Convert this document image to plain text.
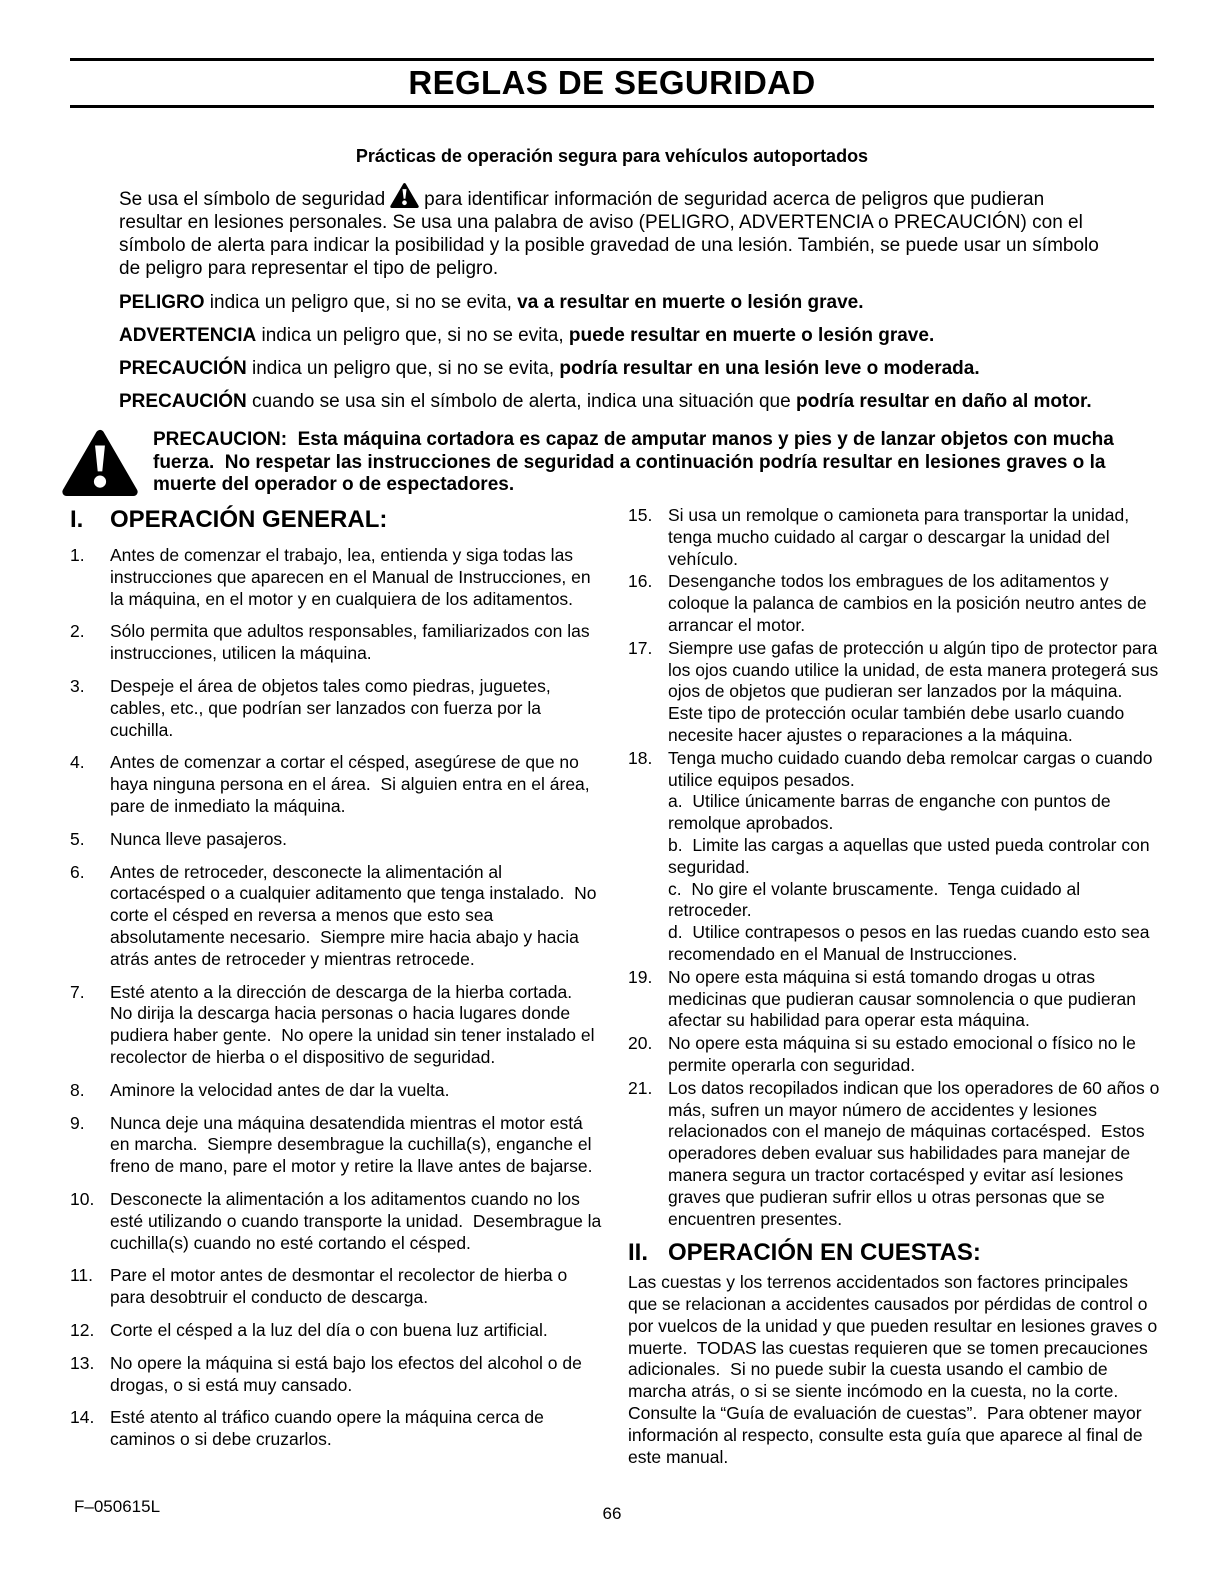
REGLAS DE SEGURIDAD

Prácticas de operación segura para vehículos autoportados

Se usa el símbolo de seguridad para identificar información de seguridad acerca de peligros que pudieran resultar en lesiones personales. Se usa una palabra de aviso (PELIGRO, ADVERTENCIA o PRECAUCIÓN) con el símbolo de alerta para indicar la posibilidad y la posible gravedad de una lesión. También, se puede usar un símbolo de peligro para representar el tipo de peligro.

PELIGRO indica un peligro que, si no se evita, va a resultar en muerte o lesión grave.

ADVERTENCIA indica un peligro que, si no se evita, puede resultar en muerte o lesión grave.

PRECAUCIÓN indica un peligro que, si no se evita, podría resultar en una lesión leve o moderada.

PRECAUCIÓN cuando se usa sin el símbolo de alerta, indica una situación que podría resultar en daño al motor.

PRECAUCION:  Esta máquina cortadora es capaz de amputar manos y pies y de lanzar objetos con mucha fuerza.  No respetar las instrucciones de seguridad a continuación podría resultar en lesiones graves o la muerte del operador o de espectadores.

I.	OPERACIÓN GENERAL:
1.	Antes de comenzar el trabajo, lea, entienda y siga todas las instrucciones que aparecen en el Manual de Instrucciones, en la máquina, en el motor y en cualquiera de los aditamentos.
2.	Sólo permita que adultos responsables, familiarizados con las instrucciones, utilicen la máquina.
3.	Despeje el área de objetos tales como piedras, juguetes, cables, etc., que podrían ser lanzados con fuerza por la cuchilla.
4.	Antes de comenzar a cortar el césped, asegúrese de que no haya ninguna persona en el área.  Si alguien entra en el área, pare de inmediato la máquina.
5.	Nunca lleve pasajeros.
6.	Antes de retroceder, desconecte la alimentación al cortacésped o a cualquier aditamento que tenga instalado.  No corte el césped en reversa a menos que esto sea absolutamente necesario.  Siempre mire hacia abajo y hacia atrás antes de retroceder y mientras retrocede.
7.	Esté atento a la dirección de descarga de la hierba cortada.  No dirija la descarga hacia personas o hacia lugares donde pudiera haber gente.  No opere la unidad sin tener instalado el recolector de hierba o el dispositivo de seguridad.
8.	Aminore la velocidad antes de dar la vuelta.
9.	Nunca deje una máquina desatendida mientras el motor está en marcha.  Siempre desembrague la cuchilla(s), enganche el freno de mano, pare el motor y retire la llave antes de bajarse.
10. Desconecte la alimentación a los aditamentos cuando no los esté utilizando o cuando transporte la unidad.  Desembrague la cuchilla(s) cuando no esté cortando el césped.
11. Pare el motor antes de desmontar el recolector de hierba o para desobtruir el conducto de descarga.
12. Corte el césped a la luz del día o con buena luz artificial.
13. No opere la máquina si está bajo los efectos del alcohol o de drogas, o si está muy cansado.
14. Esté atento al tráfico cuando opere la máquina cerca de caminos o si debe cruzarlos.
15. Si usa un remolque o camioneta para transportar la unidad, tenga mucho cuidado al cargar o descargar la unidad del vehículo.
16. Desenganche todos los embragues de los aditamentos y coloque la palanca de cambios en la posición neutro antes de arrancar el motor.
17. Siempre use gafas de protección u algún tipo de protector para los ojos cuando utilice la unidad, de esta manera protegerá sus ojos de objetos que pudieran ser lanzados por la máquina.  Este tipo de protección ocular también debe usarlo cuando necesite hacer ajustes o reparaciones a la máquina.
18. Tenga mucho cuidado cuando deba remolcar cargas o cuando utilice equipos pesados.
a.  Utilice únicamente barras de enganche con puntos de remolque aprobados.
b.  Limite las cargas a aquellas que usted pueda controlar con seguridad.
c.  No gire el volante bruscamente.  Tenga cuidado al retroceder.
d.  Utilice contrapesos o pesos en las ruedas cuando esto sea recomendado en el Manual de Instrucciones.
19. No opere esta máquina si está tomando drogas u otras medicinas que pudieran causar somnolencia o que pudieran afectar su habilidad para operar esta máquina.
20. No opere esta máquina si su estado emocional o físico no le permite operarla con seguridad.
21. Los datos recopilados indican que los operadores de 60 años o más, sufren un mayor número de accidentes y lesiones relacionados con el manejo de máquinas cortacésped.  Estos operadores deben evaluar sus habilidades para manejar de manera segura un tractor cortacésped y evitar así lesiones graves que pudieran sufrir ellos u otras personas que se encuentren presentes.
II. OPERACIÓN EN CUESTAS:

Las cuestas y los terrenos accidentados son factores principales que se relacionan a accidentes causados por pérdidas de control o por vuelcos de la unidad y que pueden resultar en lesiones graves o muerte.  TODAS las cuestas requieren que se tomen precauciones adicionales.  Si no puede subir la cuesta usando el cambio de marcha atrás, o si se siente incómodo en la cuesta, no la corte.  Consulte la “Guía de evaluación de cuestas”.  Para obtener mayor información al respecto, consulte esta guía que aparece al final de este manual.

F–050615L	66
